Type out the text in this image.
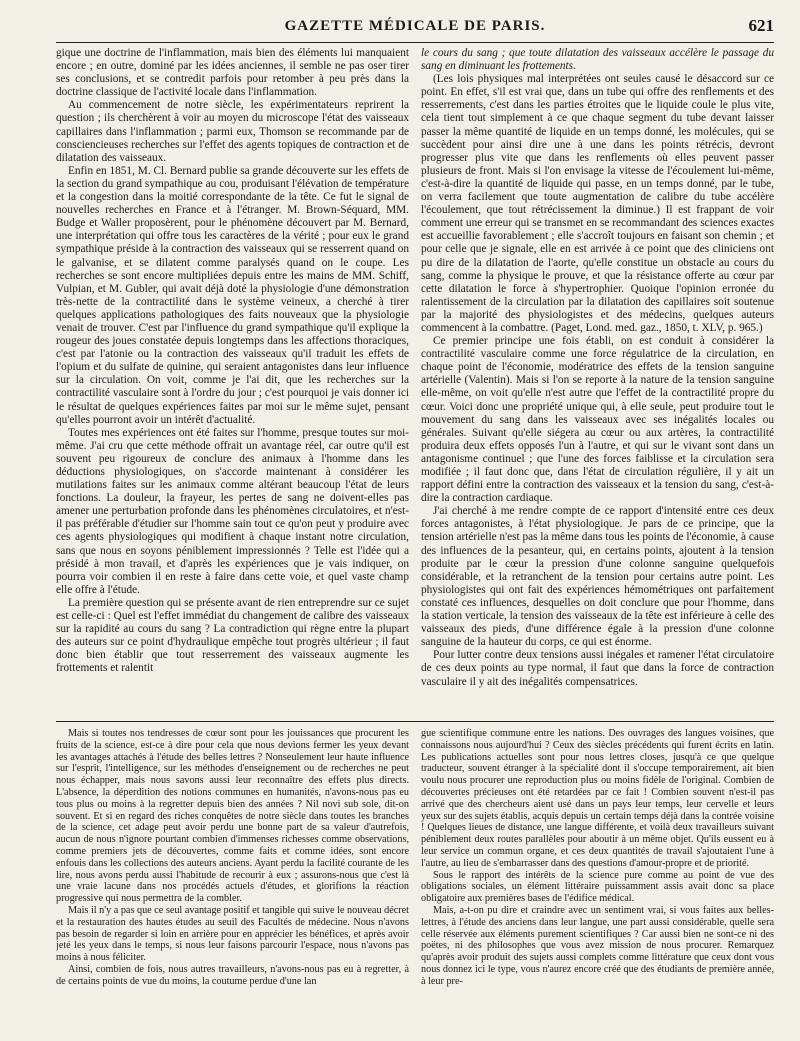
GAZETTE MÉDICALE DE PARIS.	621

gique une doctrine de l'inflammation, mais bien des éléments lui manquaient encore ; en outre, dominé par les idées anciennes, il semble ne pas oser tirer ses conclusions, et se contredit parfois pour retomber à peu près dans la doctrine classique de l'activité locale dans l'inflammation.

Au commencement de notre siècle, les expérimentateurs reprirent la question ; ils cherchèrent à voir au moyen du microscope l'état des vaisseaux capillaires dans l'inflammation ; parmi eux, Thomson se recommande par de consciencieuses recherches sur l'effet des agents topiques de contraction et de dilatation des vaisseaux.

Enfin en 1851, M. Cl. Bernard publie sa grande découverte sur les effets de la section du grand sympathique au cou, produisant l'élévation de température et la congestion dans la moitié correspondante de la tête. Ce fut le signal de nouvelles recherches en France et à l'étranger. M. Brown-Séquard, MM. Budge et Waller proposèrent, pour le phénomène découvert par M. Bernard, une interprétation qui offre tous les caractères de la vérité ; pour eux le grand sympathique préside à la contraction des vaisseaux qui se resserrent quand on le galvanise, et se dilatent comme paralysés quand on le coupe. Les recherches se sont encore multipliées depuis entre les mains de MM. Schiff, Vulpian, et M. Gubler, qui avait déjà doté la physiologie d'une démonstration très-nette de la contractilité dans le système veineux, a cherché à tirer quelques applications pathologiques des faits nouveaux que la physiologie venait de trouver. C'est par l'influence du grand sympathique qu'il explique la rougeur des joues constatée depuis longtemps dans les affections thoraciques, c'est par l'atonie ou la contraction des vaisseaux qu'il traduit les effets de l'opium et du sulfate de quinine, qui seraient antagonistes dans leur influence sur la circulation. On voit, comme je l'ai dit, que les recherches sur la contractilité vasculaire sont à l'ordre du jour ; c'est pourquoi je vais donner ici le résultat de quelques expériences faites par moi sur le même sujet, pensant qu'elles pourront avoir un intérêt d'actualité.

Toutes mes expériences ont été faites sur l'homme, presque toutes sur moi-même. J'ai cru que cette méthode offrait un avantage réel, car outre qu'il est souvent peu rigoureux de conclure des animaux à l'homme dans les déductions physiologiques, on s'accorde maintenant à considérer les mutilations faites sur les animaux comme altérant beaucoup l'état de leurs fonctions. La douleur, la frayeur, les pertes de sang ne doivent-elles pas amener une perturbation profonde dans les phénomènes circulatoires, et n'est-il pas préférable d'étudier sur l'homme sain tout ce qu'on peut y produire avec ces agents physiologiques qui modifient à chaque instant notre circulation, sans que nous en soyons péniblement impressionnés ? Telle est l'idée qui a présidé à mon travail, et d'après les expériences que je vais indiquer, on pourra voir combien il en reste à faire dans cette voie, et quel vaste champ elle offre à l'étude.

La première question qui se présente avant de rien entreprendre sur ce sujet est celle-ci : Quel est l'effet immédiat du changement de calibre des vaisseaux sur la rapidité au cours du sang ? La contradiction qui règne entre la plupart des auteurs sur ce point d'hydraulique empêche tout progrès ultérieur ; il faut donc bien établir que tout resserrement des vaisseaux augmente les frottements et ralentit

le cours du sang ; que toute dilatation des vaisseaux accélère le passage du sang en diminuant les frottements.

(Les lois physiques mal interprétées ont seules causé le désaccord sur ce point. En effet, s'il est vrai que, dans un tube qui offre des renflements et des resserrements, c'est dans les parties étroites que le liquide coule le plus vite, cela tient tout simplement à ce que chaque segment du tube devant laisser passer la même quantité de liquide en un temps donné, les molécules, qui se succèdent pour ainsi dire une à une dans les points rétrécis, devront progresser plus vite que dans les renflements où elles peuvent passer plusieurs de front. Mais si l'on envisage la vitesse de l'écoulement lui-même, c'est-à-dire la quantité de liquide qui passe, en un temps donné, par le tube, on verra facilement que toute augmentation de calibre du tube accélère l'écoulement, que tout rétrécissement la diminue.) Il est frappant de voir comment une erreur qui se transmet en se recommandant des sciences exactes est accueillie favorablement ; elle s'accroît toujours en faisant son chemin ; et pour celle que je signale, elle en est arrivée à ce point que des cliniciens ont pu dire de la dilatation de l'aorte, qu'elle constitue un obstacle au cours du sang, comme la physique le prouve, et que la résistance offerte au cœur par cette dilatation le force à s'hypertrophier. Quoique l'opinion erronée du ralentissement de la circulation par la dilatation des capillaires soit soutenue par la majorité des physiologistes et des médecins, quelques auteurs commencent à la combattre. (Paget, Lond. med. gaz., 1850, t. XLV, p. 965.)

Ce premier principe une fois établi, on est conduit à considérer la contractilité vasculaire comme une force régulatrice de la circulation, en chaque point de l'économie, modératrice des effets de la tension sanguine artérielle (Valentin). Mais si l'on se reporte à la nature de la tension sanguine elle-même, on voit qu'elle n'est autre que l'effet de la contractilité propre du cœur. Voici donc une propriété unique qui, à elle seule, peut produire tout le mouvement du sang dans les vaisseaux avec ses inégalités locales ou générales. Suivant qu'elle siégera au cœur ou aux artères, la contractilité produira deux effets opposés l'un à l'autre, et qui sur le vivant sont dans un antagonisme continuel ; que l'une des forces faiblisse et la circulation sera modifiée ; il faut donc que, dans l'état de circulation régulière, il y ait un rapport défini entre la contraction des vaisseaux et la tension du sang, c'est-à-dire la contraction cardiaque.

J'ai cherché à me rendre compte de ce rapport d'intensité entre ces deux forces antagonistes, à l'état physiologique. Je pars de ce principe, que la tension artérielle n'est pas la même dans tous les points de l'économie, à cause des influences de la pesanteur, qui, en certains points, ajoutent à la tension produite par le cœur la pression d'une colonne sanguine quelquefois considérable, et la retranchent de la tension pour certains autre point. Les physiologistes qui ont fait des expériences hémométriques ont parfaitement constaté ces influences, desquelles on doit conclure que pour l'homme, dans la station verticale, la tension des vaisseaux de la tête est inférieure à celle des vaisseaux des pieds, d'une différence égale à la pression d'une colonne sanguine de la hauteur du corps, ce qui est énorme.

Pour lutter contre deux tensions aussi inégales et ramener l'état circulatoire de ces deux points au type normal, il faut que dans la force de contraction vasculaire il y ait des inégalités compensatrices.

Mais si toutes nos tendresses de cœur sont pour les jouissances que procurent les fruits de la science, est-ce à dire pour cela que nous devions fermer les yeux devant les avantages attachés à l'étude des belles lettres ? Nonseulement leur haute influence sur l'esprit, l'intelligence, sur les méthodes d'enseignement ou de recherches ne peut nous échapper, mais nous savons aussi leur reconnaître des effets plus directs. L'absence, la déperdition des notions communes en humanités, n'avons-nous pas eu tous plus ou moins à la regretter depuis bien des années ? Nil novi sub sole, dit-on souvent. Et si en regard des riches conquêtes de notre siècle dans toutes les branches de la science, cet adage peut avoir perdu une bonne part de sa valeur d'autrefois, aucun de nous n'ignore pourtant combien d'immenses richesses comme observations, comme premiers jets de découvertes, comme faits et comme idées, sont encore enfouis dans les collections des auteurs anciens. Ayant perdu la facilité courante de les lire, nous avons perdu aussi l'habitude de recourir à eux ; assurons-nous que c'est là une vraie lacune dans nos procédés actuels d'études, et glorifions la réaction progressive qui nous permettra de la combler.

Mais il n'y a pas que ce seul avantage positif et tangible qui suive le nouveau décret et la restauration des hautes études au seuil des Facultés de médecine. Nous n'avons pas besoin de regarder si loin en arrière pour en apprécier les bénéfices, et après avoir jeté les yeux dans le temps, si nous leur faisons parcourir l'espace, nous n'avons pas moins à nous féliciter.

Ainsi, combien de fois, nous autres travailleurs, n'avons-nous pas eu à regretter, à de certains points de vue du moins, la coutume perdue d'une lan

gue scientifique commune entre les nations. Des ouvrages des langues voisines, que connaissons nous aujourd'hui ? Ceux des siècles précédents qui furent écrits en latin. Les publications actuelles sont pour nous lettres closes, jusqu'à ce que quelque traducteur, souvent étranger à la spécialité dont il s'occupe temporairement, ait bien voulu nous procurer une reproduction plus ou moins fidèle de l'original. Combien de découvertes précieuses ont été retardées par ce fait ! Combien souvent n'est-il pas arrivé que des chercheurs aient usé dans un pays leur temps, leur cervelle et leurs yeux sur des sujets établis, acquis depuis un certain temps déjà dans la contrée voisine ! Quelques lieues de distance, une langue différente, et voilà deux travailleurs suivant péniblement deux routes parallèles pour aboutir à un même objet. Qu'ils eussent eu à leur service un commun organe, et ces deux quantités de travail s'ajoutaient l'une à l'autre, au lieu de s'embarrasser dans des questions d'amour-propre et de priorité.

Sous le rapport des intérêts de la science pure comme au point de vue des obligations sociales, un élément littéraire puissamment assis avait donc sa place obligatoire aux premières bases de l'édifice médical.

Mais, a-t-on pu dire et craindre avec un sentiment vrai, si vous faites aux belles-lettres, à l'étude des anciens dans leur langue, une part aussi considérable, quelle sera celle réservée aux éléments purement scientifiques ? Car aussi bien ne sont-ce ni des poëtes, ni des philosophes que vous avez mission de nous procurer. Remarquez qu'après avoir produit des sujets aussi complets comme littérature que ceux dont vous nous donnez ici le type, vous n'aurez encore créé que des étudiants de première année, à leur pre-
